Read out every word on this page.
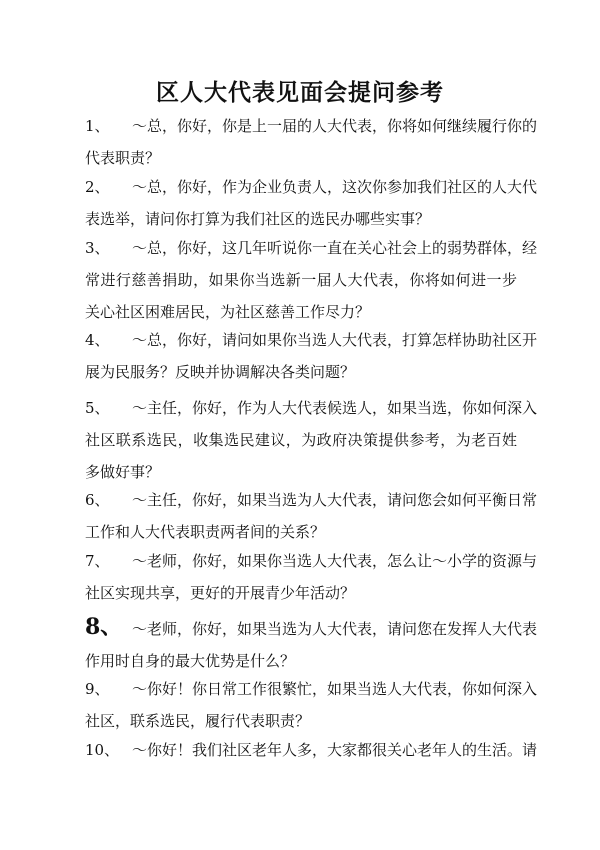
区人大代表见面会提问参考
1、 ～总，你好，你是上一届的人大代表，你将如何继续履行你的
代表职责？
2、 ～总，你好，作为企业负责人，这次你参加我们社区的人大代
表选举，请问你打算为我们社区的选民办哪些实事？
3、 ～总，你好，这几年听说你一直在关心社会上的弱势群体，经
常进行慈善捐助，如果你当选新一届人大代表，你将如何进一步关心社区困难居民，为社区慈善工作尽力？
4、 ～总，你好，请问如果你当选人大代表，打算怎样协助社区开
展为民服务？反映并协调解决各类问题？
5、 ～主任，你好，作为人大代表候选人，如果当选，你如何深入
社区联系选民，收集选民建议，为政府决策提供参考，为老百姓多做好事？
6、 ～主任，你好，如果当选为人大代表，请问您会如何平衡日常
工作和人大代表职责两者间的关系？
7、 ～老师，你好，如果你当选人大代表，怎么让～小学的资源与
社区实现共享，更好的开展青少年活动？
8、 ～老师，你好，如果当选为人大代表，请问您在发挥人大代表
作用时自身的最大优势是什么？
9、 ～你好！你日常工作很繁忙，如果当选人大代表，你如何深入
社区，联系选民，履行代表职责？
10、 ～你好！我们社区老年人多，大家都很关心老年人的生活。请
